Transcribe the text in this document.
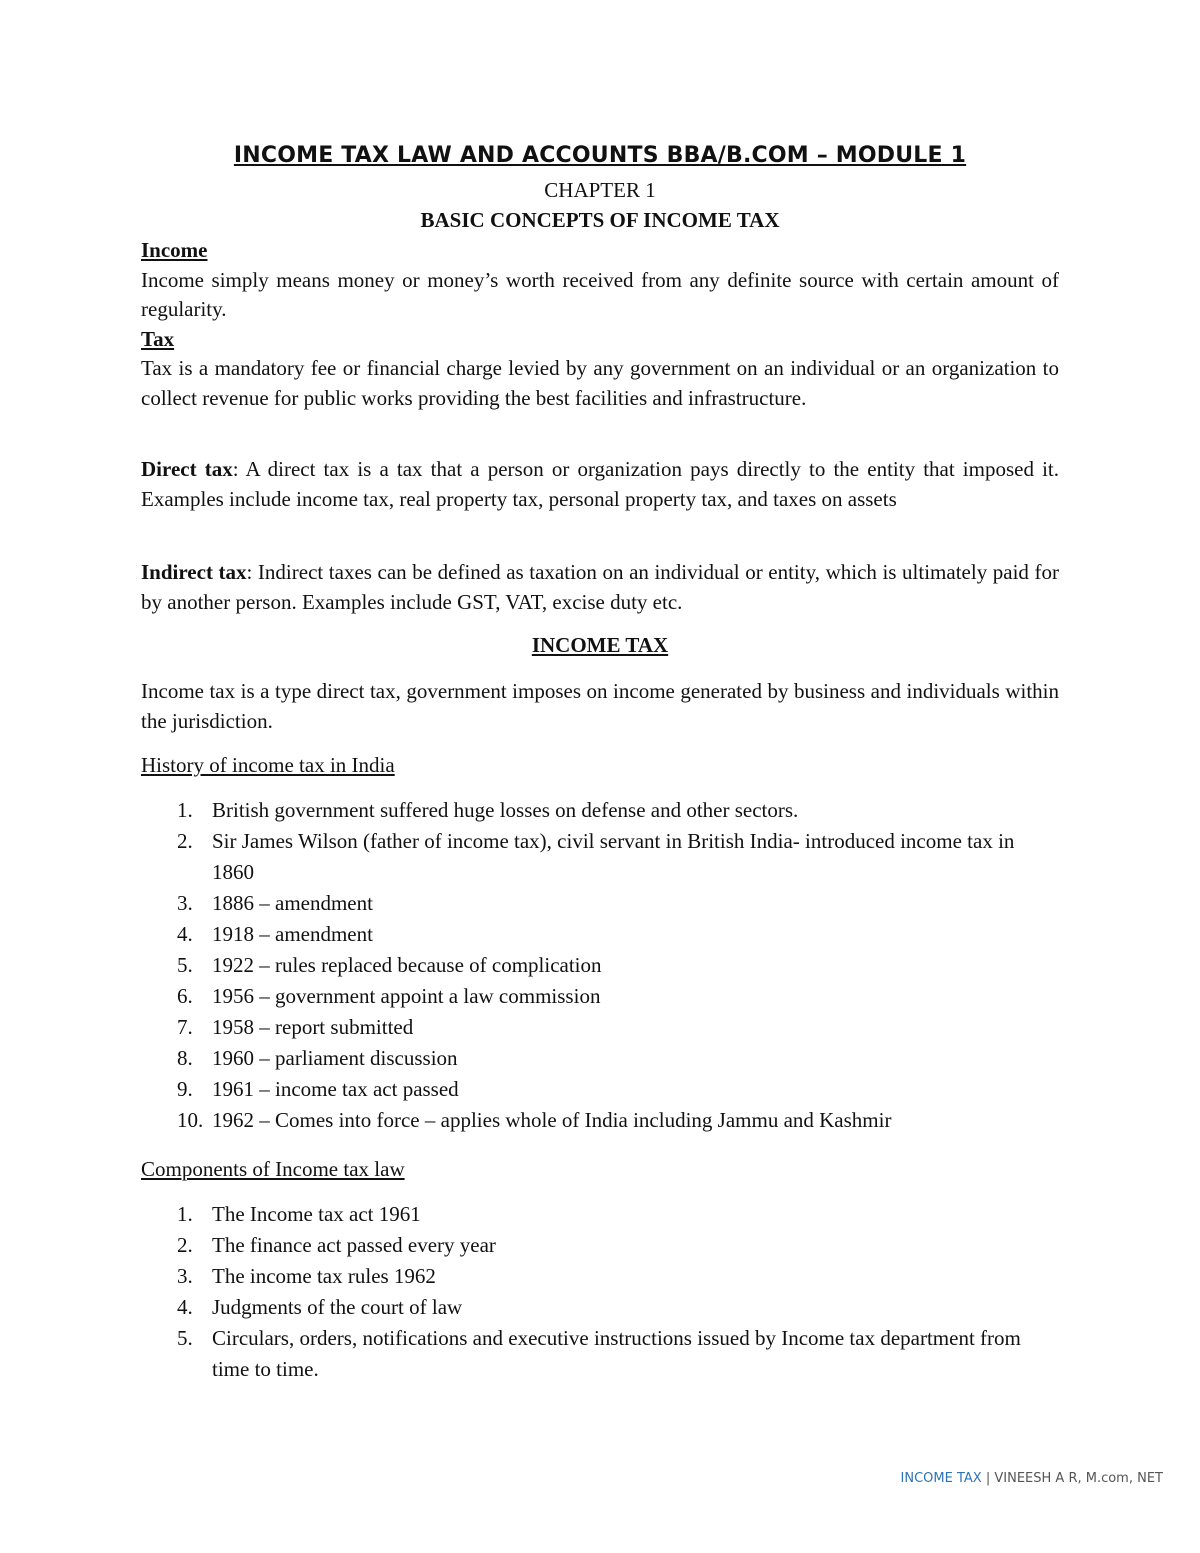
INCOME TAX LAW AND ACCOUNTS BBA/B.COM – MODULE 1
CHAPTER 1
BASIC CONCEPTS OF INCOME TAX
Income
Income simply means money or money’s worth received from any definite source with certain amount of regularity.
Tax
Tax is a mandatory fee or financial charge levied by any government on an individual or an organization to collect revenue for public works providing the best facilities and infrastructure.
Direct tax: A direct tax is a tax that a person or organization pays directly to the entity that imposed it. Examples include income tax, real property tax, personal property tax, and taxes on assets
Indirect tax: Indirect taxes can be defined as taxation on an individual or entity, which is ultimately paid for by another person. Examples include GST, VAT, excise duty etc.
INCOME TAX
Income tax is a type direct tax, government imposes on income generated by business and individuals within the jurisdiction.
History of income tax in India
1. British government suffered huge losses on defense and other sectors.
2. Sir James Wilson (father of income tax), civil servant in British India- introduced income tax in 1860
3. 1886 – amendment
4. 1918 – amendment
5. 1922 – rules replaced because of complication
6. 1956 – government appoint a law commission
7. 1958 – report submitted
8. 1960 – parliament discussion
9. 1961 – income tax act passed
10. 1962 – Comes into force – applies whole of India including Jammu and Kashmir
Components of Income tax law
1. The Income tax act 1961
2. The finance act passed every year
3. The income tax rules 1962
4. Judgments of the court of law
5. Circulars, orders, notifications and executive instructions issued by Income tax department from time to time.
INCOME TAX | VINEESH A R, M.com, NET
